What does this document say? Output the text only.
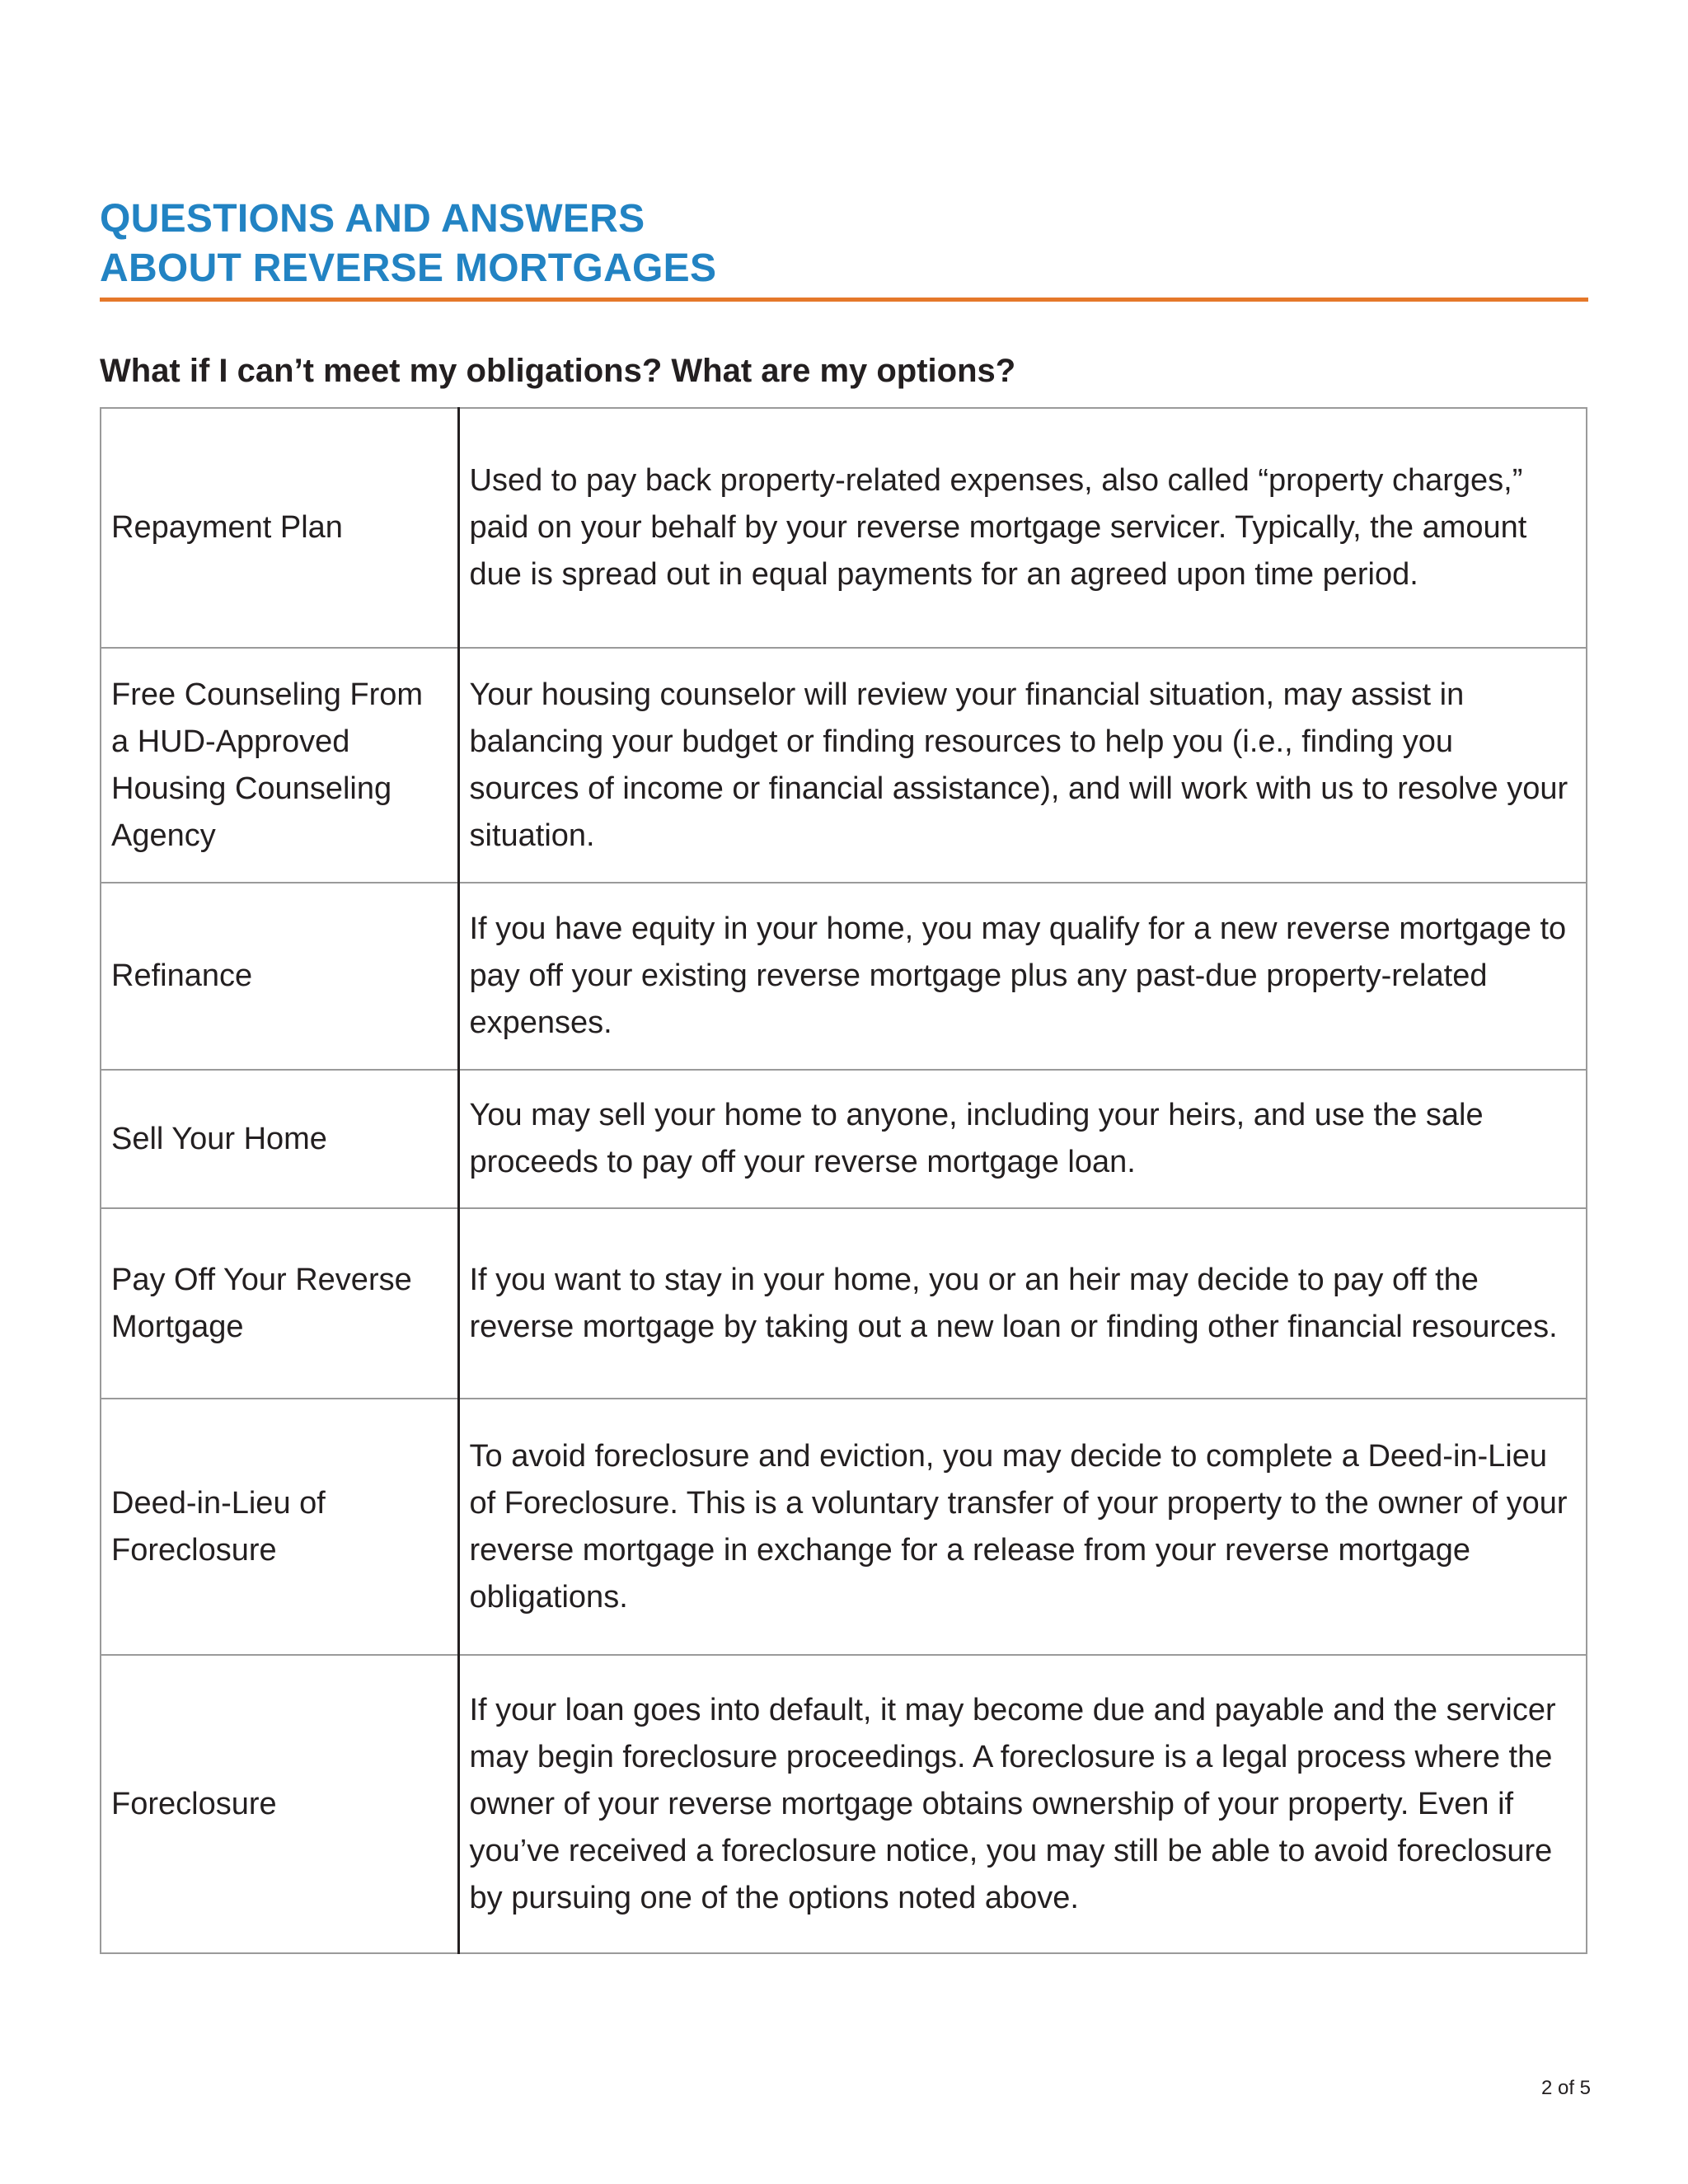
QUESTIONS AND ANSWERS

ABOUT REVERSE MORTGAGES

What if I can’t meet my obligations? What are my options?
Repayment Plan	Used to pay back property-related expenses, also called “property charges,” paid on your behalf by your reverse mortgage servicer. Typically, the amount due is spread out in equal payments for an agreed upon time period.
Free Counseling From a HUD-Approved Housing Counseling Agency	Your housing counselor will review your financial situation, may assist in balancing your budget or finding resources to help you (i.e., finding you sources of income or financial assistance), and will work with us to resolve your situation.
Refinance	If you have equity in your home, you may qualify for a new reverse mortgage to pay off your existing reverse mortgage plus any past-due property-related expenses.
Sell Your Home	You may sell your home to anyone, including your heirs, and use the sale proceeds to pay off your reverse mortgage loan.
Pay Off Your Reverse Mortgage	If you want to stay in your home, you or an heir may decide to pay off the reverse mortgage by taking out a new loan or finding other financial resources.
Deed-in-Lieu of Foreclosure	To avoid foreclosure and eviction, you may decide to complete a Deed-in-Lieu of Foreclosure. This is a voluntary transfer of your property to the owner of your reverse mortgage in exchange for a release from your reverse mortgage obligations.
Foreclosure	If your loan goes into default, it may become due and payable and the servicer may begin foreclosure proceedings. A foreclosure is a legal process where the owner of your reverse mortgage obtains ownership of your property. Even if you’ve received a foreclosure notice, you may still be able to avoid foreclosure by pursuing one of the options noted above.
2 of 5
